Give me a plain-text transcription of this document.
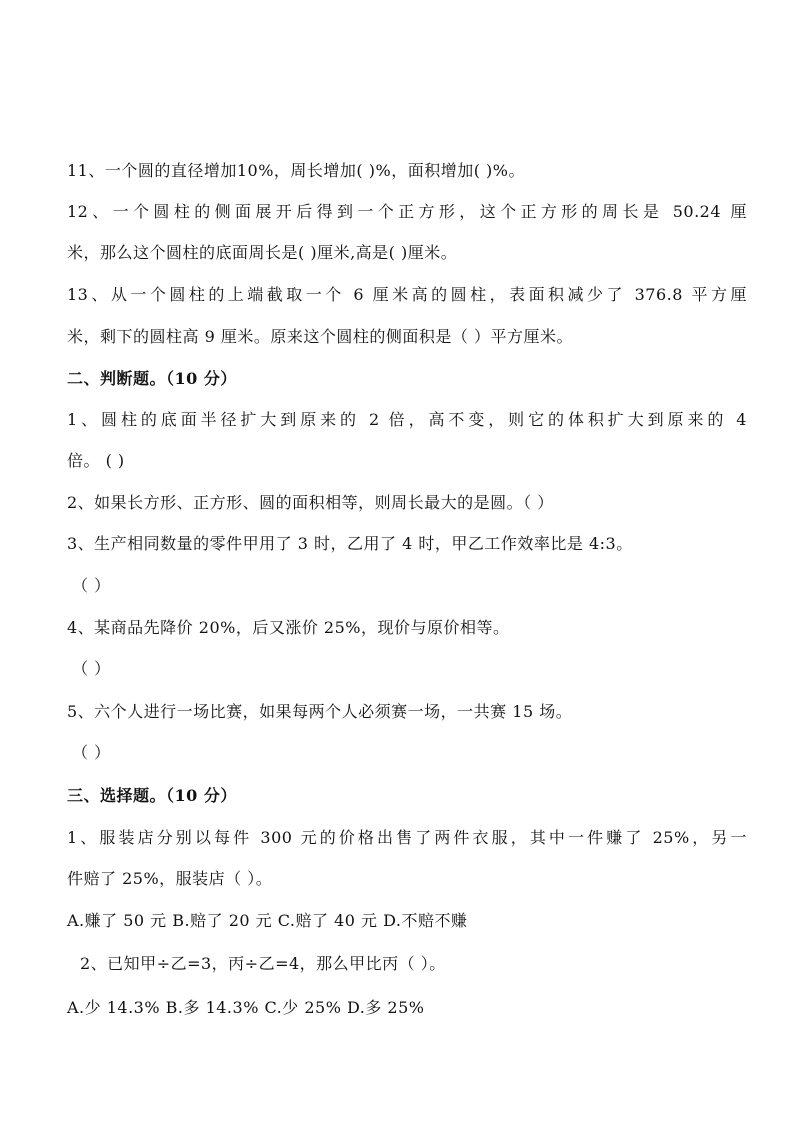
11、一个圆的直径增加10%，周长增加( )%，面积增加( )%。
12、一个圆柱的侧面展开后得到一个正方形，这个正方形的周长是 50.24 厘
米，那么这个圆柱的底面周长是( )厘米,高是( )厘米。
13、从一个圆柱的上端截取一个 6 厘米高的圆柱，表面积减少了 376.8 平方厘
米，剩下的圆柱高 9 厘米。原来这个圆柱的侧面积是（ ）平方厘米。
二、判断题。（10 分）
1、圆柱的底面半径扩大到原来的 2 倍，高不变，则它的体积扩大到原来的 4
倍。 ( )
2、如果长方形、正方形、圆的面积相等，则周长最大的是圆。（ ）
3、生产相同数量的零件甲用了 3 时，乙用了 4 时，甲乙工作效率比是 4:3。
（ ）
4、某商品先降价 20%，后又涨价 25%，现价与原价相等。
（ ）
5、六个人进行一场比赛，如果每两个人必须赛一场，一共赛 15 场。
（ ）
三、选择题。（10 分）
1、服装店分别以每件 300 元的价格出售了两件衣服，其中一件赚了 25%，另一
件赔了 25%，服装店（ ）。
A.赚了 50 元 B.赔了 20 元 C.赔了 40 元 D.不赔不赚
2、已知甲÷乙=3，丙÷乙=4，那么甲比丙（ ）。
A.少 14.3% B.多 14.3% C.少 25% D.多 25%
